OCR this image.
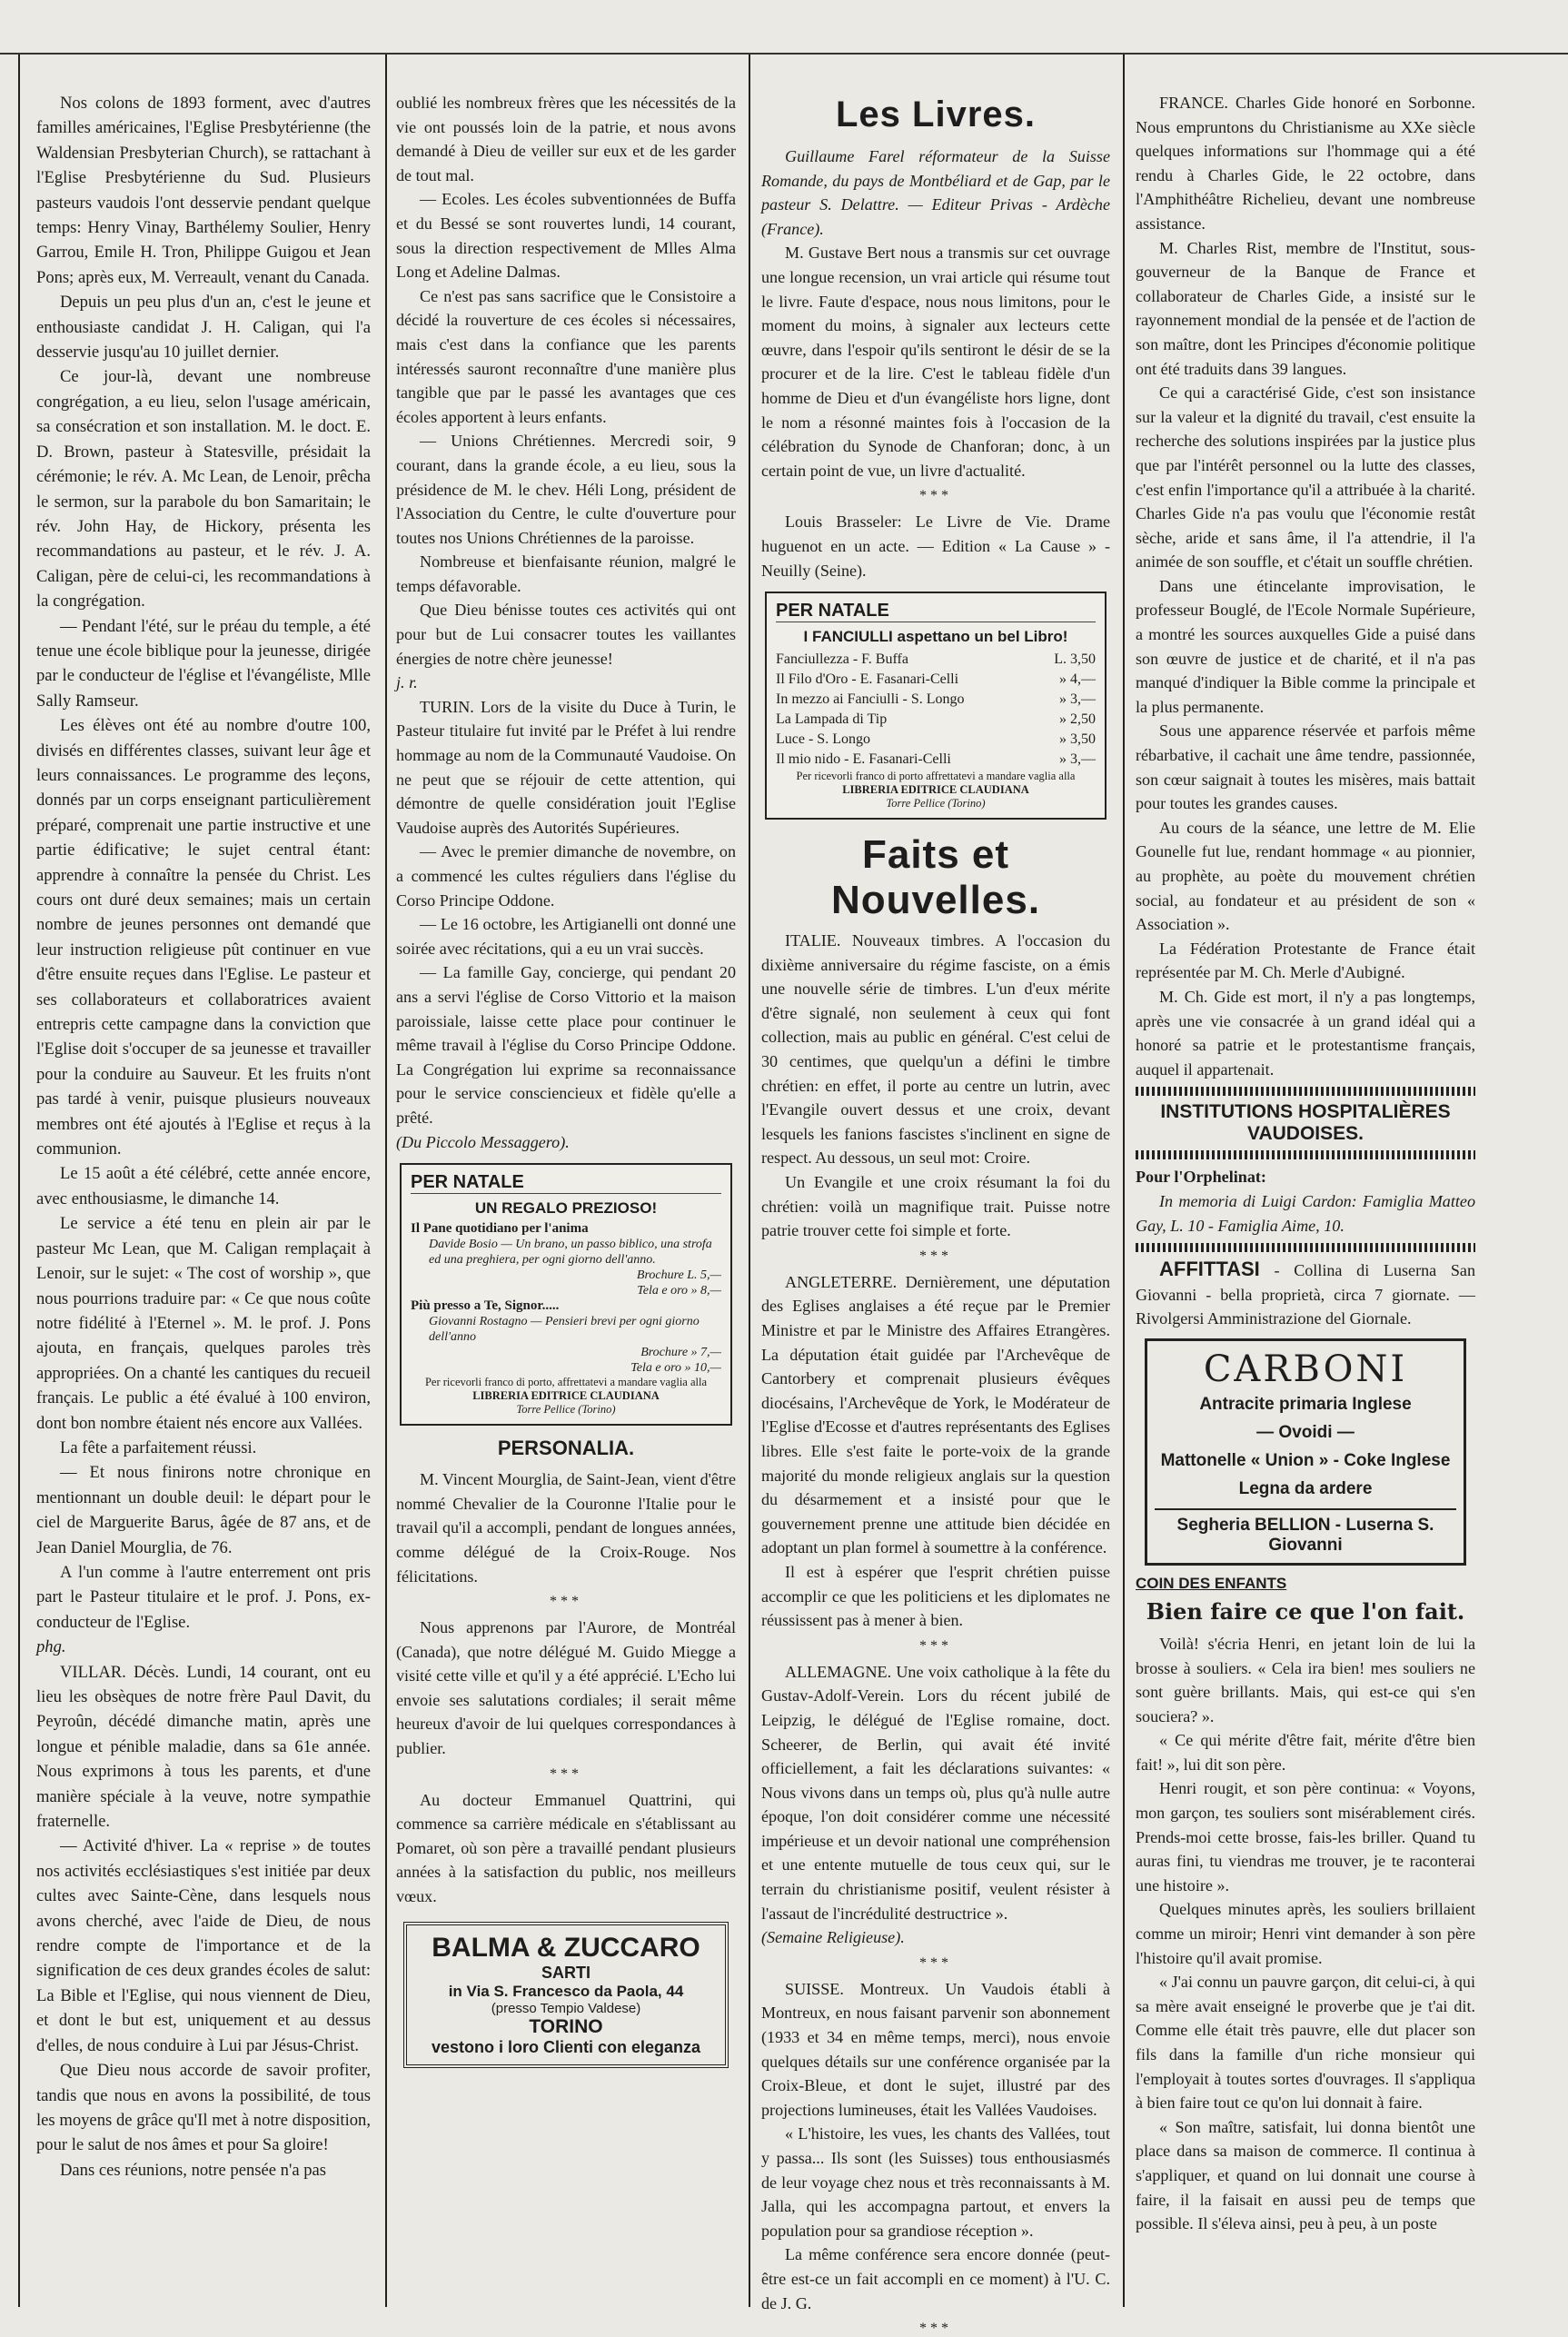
Nos colons de 1893 forment, avec d'autres familles américaines, l'Eglise Presbytérienne (the Waldensian Presbyterian Church), se rattachant à l'Eglise Presbytérienne du Sud. Plusieurs pasteurs vaudois l'ont desservie pendant quelque temps: Henry Vinay, Barthélemy Soulier, Henry Garrou, Emile H. Tron, Philippe Guigou et Jean Pons; après eux, M. Verreault, venant du Canada.

Depuis un peu plus d'un an, c'est le jeune et enthousiaste candidat J. H. Caligan, qui l'a desservie jusqu'au 10 juillet dernier.

Ce jour-là, devant une nombreuse congrégation, a eu lieu, selon l'usage américain, sa consécration et son installation. M. le doct. E. D. Brown, pasteur à Statesville, présidait la cérémonie; le rév. A. Mc Lean, de Lenoir, prêcha le sermon, sur la parabole du bon Samaritain; le rév. John Hay, de Hickory, présenta les recommandations au pasteur, et le rév. J. A. Caligan, père de celui-ci, les recommandations à la congrégation.

— Pendant l'été, sur le préau du temple, a été tenue une école biblique pour la jeunesse, dirigée par le conducteur de l'église et l'évangéliste, Mlle Sally Ramseur.

Les élèves ont été au nombre d'outre 100, divisés en différentes classes, suivant leur âge et leurs connaissances. Le programme des leçons, donnés par un corps enseignant particulièrement préparé, comprenait une partie instructive et une partie édificative; le sujet central étant: apprendre à connaître la pensée du Christ. Les cours ont duré deux semaines; mais un certain nombre de jeunes personnes ont demandé que leur instruction religieuse pût continuer en vue d'être ensuite reçues dans l'Eglise. Le pasteur et ses collaborateurs et collaboratrices avaient entrepris cette campagne dans la conviction que l'Eglise doit s'occuper de sa jeunesse et travailler pour la conduire au Sauveur. Et les fruits n'ont pas tardé à venir, puisque plusieurs nouveaux membres ont été ajoutés à l'Eglise et reçus à la communion.

Le 15 août a été célébré, cette année encore, avec enthousiasme, le dimanche 14.

Le service a été tenu en plein air par le pasteur Mc Lean, que M. Caligan remplaçait à Lenoir, sur le sujet: « The cost of worship », que nous pourrions traduire par: « Ce que nous coûte notre fidélité à l'Eternel ». M. le prof. J. Pons ajouta, en français, quelques paroles très appropriées. On a chanté les cantiques du recueil français. Le public a été évalué à 100 environ, dont bon nombre étaient nés encore aux Vallées.

La fête a parfaitement réussi.

— Et nous finirons notre chronique en mentionnant un double deuil: le départ pour le ciel de Marguerite Barus, âgée de 87 ans, et de Jean Daniel Mourglia, de 76.

A l'un comme à l'autre enterrement ont pris part le Pasteur titulaire et le prof. J. Pons, ex-conducteur de l'Eglise.

phg.

VILLAR. Décès. Lundi, 14 courant, ont eu lieu les obsèques de notre frère Paul Davit, du Peyroûn, décédé dimanche matin, après une longue et pénible maladie, dans sa 61e année. Nous exprimons à tous les parents, et d'une manière spéciale à la veuve, notre sympathie fraternelle.

— Activité d'hiver. La « reprise » de toutes nos activités ecclésiastiques s'est initiée par deux cultes avec Sainte-Cène, dans lesquels nous avons cherché, avec l'aide de Dieu, de nous rendre compte de l'importance et de la signification de ces deux grandes écoles de salut: La Bible et l'Eglise, qui nous viennent de Dieu, et dont le but est, uniquement et au dessus d'elles, de nous conduire à Lui par Jésus-Christ.

Que Dieu nous accorde de savoir profiter, tandis que nous en avons la possibilité, de tous les moyens de grâce qu'Il met à notre disposition, pour le salut de nos âmes et pour Sa gloire!

Dans ces réunions, notre pensée n'a pas

oublié les nombreux frères que les nécessités de la vie ont poussés loin de la patrie, et nous avons demandé à Dieu de veiller sur eux et de les garder de tout mal.

— Ecoles. Les écoles subventionnées de Buffa et du Bessé se sont rouvertes lundi, 14 courant, sous la direction respectivement de Mlles Alma Long et Adeline Dalmas.

Ce n'est pas sans sacrifice que le Consistoire a décidé la rouverture de ces écoles si nécessaires, mais c'est dans la confiance que les parents intéressés sauront reconnaître d'une manière plus tangible que par le passé les avantages que ces écoles apportent à leurs enfants.

— Unions Chrétiennes. Mercredi soir, 9 courant, dans la grande école, a eu lieu, sous la présidence de M. le chev. Héli Long, président de l'Association du Centre, le culte d'ouverture pour toutes nos Unions Chrétiennes de la paroisse.

Nombreuse et bienfaisante réunion, malgré le temps défavorable.

Que Dieu bénisse toutes ces activités qui ont pour but de Lui consacrer toutes les vaillantes énergies de notre chère jeunesse!

j. r.

TURIN. Lors de la visite du Duce à Turin, le Pasteur titulaire fut invité par le Préfet à lui rendre hommage au nom de la Communauté Vaudoise. On ne peut que se réjouir de cette attention, qui démontre de quelle considération jouit l'Eglise Vaudoise auprès des Autorités Supérieures.

— Avec le premier dimanche de novembre, on a commencé les cultes réguliers dans l'église du Corso Principe Oddone.

— Le 16 octobre, les Artigianelli ont donné une soirée avec récitations, qui a eu un vrai succès.

— La famille Gay, concierge, qui pendant 20 ans a servi l'église de Corso Vittorio et la maison paroissiale, laisse cette place pour continuer le même travail à l'église du Corso Principe Oddone. La Congrégation lui exprime sa reconnaissance pour le service consciencieux et fidèle qu'elle a prêté.

(Du Piccolo Messaggero).

PER NATALE
UN REGALO PREZIOSO!
Il Pane quotidiano per l'anima
Davide Bosio — Un brano, un passo biblico, una strofa ed una preghiera, per ogni giorno dell'anno.
Brochure L. 5,—
Tela e oro » 8,—
Più presso a Te, Signor.....
Giovanni Rostagno — Pensieri brevi per ogni giorno dell'anno
Brochure » 7,—
Tela e oro » 10,—
Per ricevorli franco di porto, affrettatevi a mandare vaglia alla
LIBRERIA EDITRICE CLAUDIANA
Torre Pellice (Torino)
PERSONALIA.

M. Vincent Mourglia, de Saint-Jean, vient d'être nommé Chevalier de la Couronne l'Italie pour le travail qu'il a accompli, pendant de longues années, comme délégué de la Croix-Rouge. Nos félicitations.

***

Nous apprenons par l'Aurore, de Montréal (Canada), que notre délégué M. Guido Miegge a visité cette ville et qu'il y a été apprécié. L'Echo lui envoie ses salutations cordiales; il serait même heureux d'avoir de lui quelques correspondances à publier.

***

Au docteur Emmanuel Quattrini, qui commence sa carrière médicale en s'établissant au Pomaret, où son père a travaillé pendant plusieurs années à la satisfaction du public, nos meilleurs vœux.

BALMA & ZUCCARO
SARTI
in Via S. Francesco da Paola, 44
(presso Tempio Valdese)
TORINO
vestono i loro Clienti con eleganza
Les Livres.

Guillaume Farel réformateur de la Suisse Romande, du pays de Montbéliard et de Gap, par le pasteur S. Delattre. — Editeur Privas - Ardèche (France).

M. Gustave Bert nous a transmis sur cet ouvrage une longue recension, un vrai article qui résume tout le livre. Faute d'espace, nous nous limitons, pour le moment du moins, à signaler aux lecteurs cette œuvre, dans l'espoir qu'ils sentiront le désir de se la procurer et de la lire. C'est le tableau fidèle d'un homme de Dieu et d'un évangéliste hors ligne, dont le nom a résonné maintes fois à l'occasion de la célébration du Synode de Chanforan; donc, à un certain point de vue, un livre d'actualité.

***

Louis Brasseler: Le Livre de Vie. Drame huguenot en un acte. — Edition « La Cause » - Neuilly (Seine).

PER NATALE
I FANCIULLI aspettano un bel Libro!
Fanciullezza - F. Buffa	L. 3,50
Il Filo d'Oro - E. Fasanari-Celli	» 4,—
In mezzo ai Fanciulli - S. Longo	» 3,—
La Lampada di Tip	» 2,50
Luce - S. Longo	» 3,50
Il mio nido - E. Fasanari-Celli	» 3,—
Per ricevorli franco di porto affrettatevi a mandare vaglia alla
LIBRERIA EDITRICE CLAUDIANA
Torre Pellice (Torino)
Faits et Nouvelles.

ITALIE. Nouveaux timbres. A l'occasion du dixième anniversaire du régime fasciste, on a émis une nouvelle série de timbres. L'un d'eux mérite d'être signalé, non seulement à ceux qui font collection, mais au public en général. C'est celui de 30 centimes, que quelqu'un a défini le timbre chrétien: en effet, il porte au centre un lutrin, avec l'Evangile ouvert dessus et une croix, devant lesquels les fanions fascistes s'inclinent en signe de respect. Au dessous, un seul mot: Croire.

Un Evangile et une croix résumant la foi du chrétien: voilà un magnifique trait. Puisse notre patrie trouver cette foi simple et forte.

***

ANGLETERRE. Dernièrement, une députation des Eglises anglaises a été reçue par le Premier Ministre et par le Ministre des Affaires Etrangères. La députation était guidée par l'Archevêque de Cantorbery et comprenait plusieurs évêques diocésains, l'Archevêque de York, le Modérateur de l'Eglise d'Ecosse et d'autres représentants des Eglises libres. Elle s'est faite le porte-voix de la grande majorité du monde religieux anglais sur la question du désarmement et a insisté pour que le gouvernement prenne une attitude bien décidée en adoptant un plan formel à soumettre à la conférence.

Il est à espérer que l'esprit chrétien puisse accomplir ce que les politiciens et les diplomates ne réussissent pas à mener à bien.

***

ALLEMAGNE. Une voix catholique à la fête du Gustav-Adolf-Verein. Lors du récent jubilé de Leipzig, le délégué de l'Eglise romaine, doct. Scheerer, de Berlin, qui avait été invité officiellement, a fait les déclarations suivantes: « Nous vivons dans un temps où, plus qu'à nulle autre époque, l'on doit considérer comme une nécessité impérieuse et un devoir national une compréhension et une entente mutuelle de tous ceux qui, sur le terrain du christianisme positif, veulent résister à l'assaut de l'incrédulité destructrice ».

(Semaine Religieuse).

***

SUISSE. Montreux. Un Vaudois établi à Montreux, en nous faisant parvenir son abonnement (1933 et 34 en même temps, merci), nous envoie quelques détails sur une conférence organisée par la Croix-Bleue, et dont le sujet, illustré par des projections lumineuses, était les Vallées Vaudoises.

« L'histoire, les vues, les chants des Vallées, tout y passa... Ils sont (les Suisses) tous enthousiasmés de leur voyage chez nous et très reconnaissants à M. Jalla, qui les accompagna partout, et envers la population pour sa grandiose réception ».

La même conférence sera encore donnée (peut-être est-ce un fait accompli en ce moment) à l'U. C. de J. G.

***

FRANCE. Charles Gide honoré en Sorbonne. Nous empruntons du Christianisme au XXe siècle quelques informations sur l'hommage qui a été rendu à Charles Gide, le 22 octobre, dans l'Amphithéâtre Richelieu, devant une nombreuse assistance.

M. Charles Rist, membre de l'Institut, sous-gouverneur de la Banque de France et collaborateur de Charles Gide, a insisté sur le rayonnement mondial de la pensée et de l'action de son maître, dont les Principes d'économie politique ont été traduits dans 39 langues.

Ce qui a caractérisé Gide, c'est son insistance sur la valeur et la dignité du travail, c'est ensuite la recherche des solutions inspirées par la justice plus que par l'intérêt personnel ou la lutte des classes, c'est enfin l'importance qu'il a attribuée à la charité. Charles Gide n'a pas voulu que l'économie restât sèche, aride et sans âme, il l'a attendrie, il l'a animée de son souffle, et c'était un souffle chrétien.

Dans une étincelante improvisation, le professeur Bouglé, de l'Ecole Normale Supérieure, a montré les sources auxquelles Gide a puisé dans son œuvre de justice et de charité, et il n'a pas manqué d'indiquer la Bible comme la principale et la plus permanente.

Sous une apparence réservée et parfois même rébarbative, il cachait une âme tendre, passionnée, son cœur saignait à toutes les misères, mais battait pour toutes les grandes causes.

Au cours de la séance, une lettre de M. Elie Gounelle fut lue, rendant hommage « au pionnier, au prophète, au poète du mouvement chrétien social, au fondateur et au président de son « Association ».

La Fédération Protestante de France était représentée par M. Ch. Merle d'Aubigné.

M. Ch. Gide est mort, il n'y a pas longtemps, après une vie consacrée à un grand idéal qui a honoré sa patrie et le protestantisme français, auquel il appartenait.

INSTITUTIONS HOSPITALIÈRES VAUDOISES.

Pour l'Orphelinat:

In memoria di Luigi Cardon: Famiglia Matteo Gay, L. 10 - Famiglia Aime, 10.

AFFITTASI - Collina di Luserna San Giovanni - bella proprietà, circa 7 giornate. — Rivolgersi Amministrazione del Giornale.

CARBONI
Antracite primaria Inglese
— Ovoidi —
Mattonelle « Union » - Coke Inglese
Legna da ardere
Segheria BELLION - Luserna S. Giovanni
COIN DES ENFANTS
Bien faire ce que l'on fait.

Voilà! s'écria Henri, en jetant loin de lui la brosse à souliers. « Cela ira bien! mes souliers ne sont guère brillants. Mais, qui est-ce qui s'en souciera? ».

« Ce qui mérite d'être fait, mérite d'être bien fait! », lui dit son père.

Henri rougit, et son père continua: « Voyons, mon garçon, tes souliers sont misérablement cirés. Prends-moi cette brosse, fais-les briller. Quand tu auras fini, tu viendras me trouver, je te raconterai une histoire ».

Quelques minutes après, les souliers brillaient comme un miroir; Henri vint demander à son père l'histoire qu'il avait promise.

« J'ai connu un pauvre garçon, dit celui-ci, à qui sa mère avait enseigné le proverbe que je t'ai dit. Comme elle était très pauvre, elle dut placer son fils dans la famille d'un riche monsieur qui l'employait à toutes sortes d'ouvrages. Il s'appliqua à bien faire tout ce qu'on lui donnait à faire.

« Son maître, satisfait, lui donna bientôt une place dans sa maison de commerce. Il continua à s'appliquer, et quand on lui donnait une course à faire, il la faisait en aussi peu de temps que possible. Il s'éleva ainsi, peu à peu, à un poste
